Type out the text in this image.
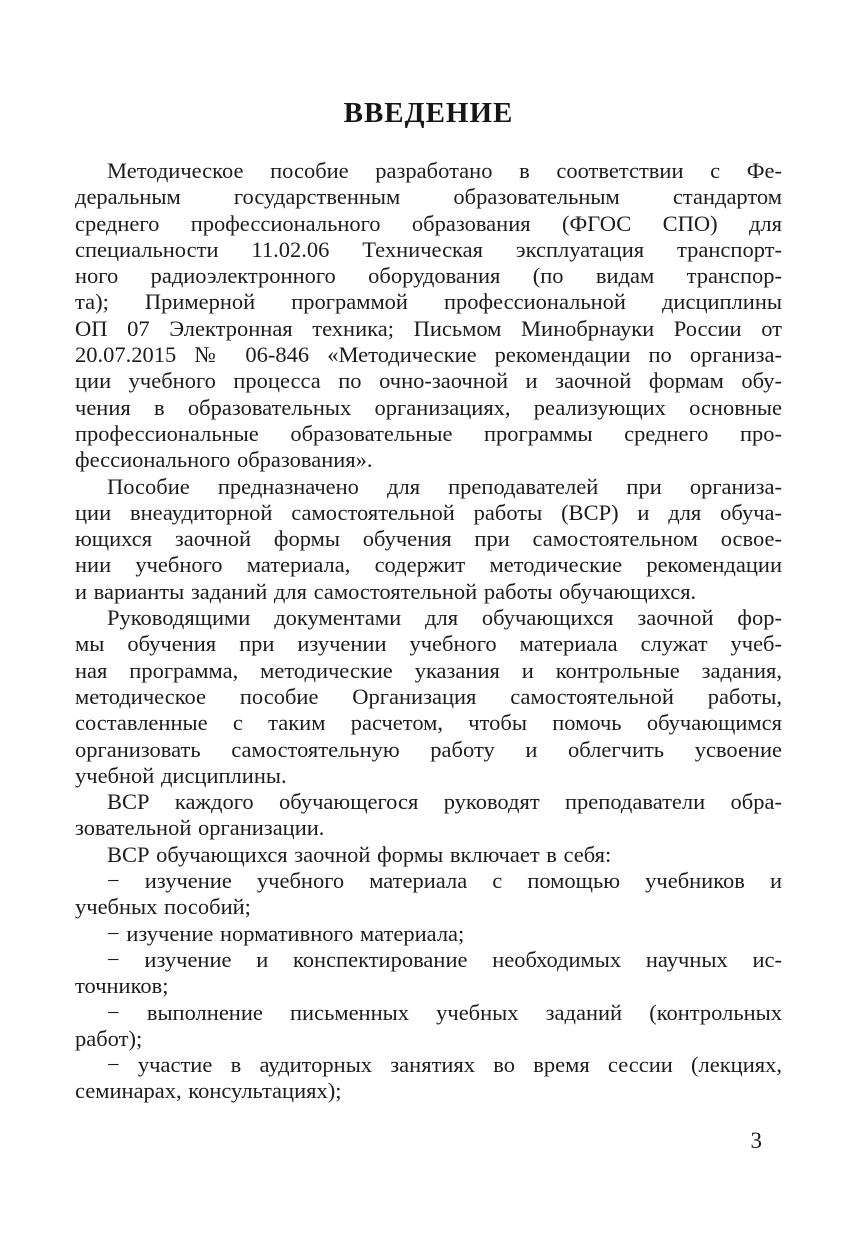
ВВЕДЕНИЕ
Методическое пособие разработано в соответствии с Фе-
деральным государственным образовательным стандартом
среднего профессионального образования (ФГОС СПО) для
специальности 11.02.06 Техническая эксплуатация транспорт-
ного радиоэлектронного оборудования (по видам транспор-
та); Примерной программой профессиональной дисциплины
ОП 07 Электронная техника; Письмом Минобрнауки России от
20.07.2015 № 06-846 «Методические рекомендации по организа-
ции учебного процесса по очно-заочной и заочной формам обу-
чения в образовательных организациях, реализующих основные
профессиональные образовательные программы среднего про-
фессионального образования».
Пособие предназначено для преподавателей при организа-
ции внеаудиторной самостоятельной работы (ВСР) и для обуча-
ющихся заочной формы обучения при самостоятельном освое-
нии учебного материала, содержит методические рекомендации
и варианты заданий для самостоятельной работы обучающихся.
Руководящими документами для обучающихся заочной фор-
мы обучения при изучении учебного материала служат учеб-
ная программа, методические указания и контрольные задания,
методическое пособие Организация самостоятельной работы,
составленные с таким расчетом, чтобы помочь обучающимся
организовать самостоятельную работу и облегчить усвоение
учебной дисциплины.
ВСР каждого обучающегося руководят преподаватели обра-
зовательной организации.
ВСР обучающихся заочной формы включает в себя:
− изучение учебного материала с помощью учебников и
учебных пособий;
− изучение нормативного материала;
− изучение и конспектирование необходимых научных ис-
точников;
− выполнение письменных учебных заданий (контрольных
работ);
− участие в аудиторных занятиях во время сессии (лекциях,
семинарах, консультациях);
3
